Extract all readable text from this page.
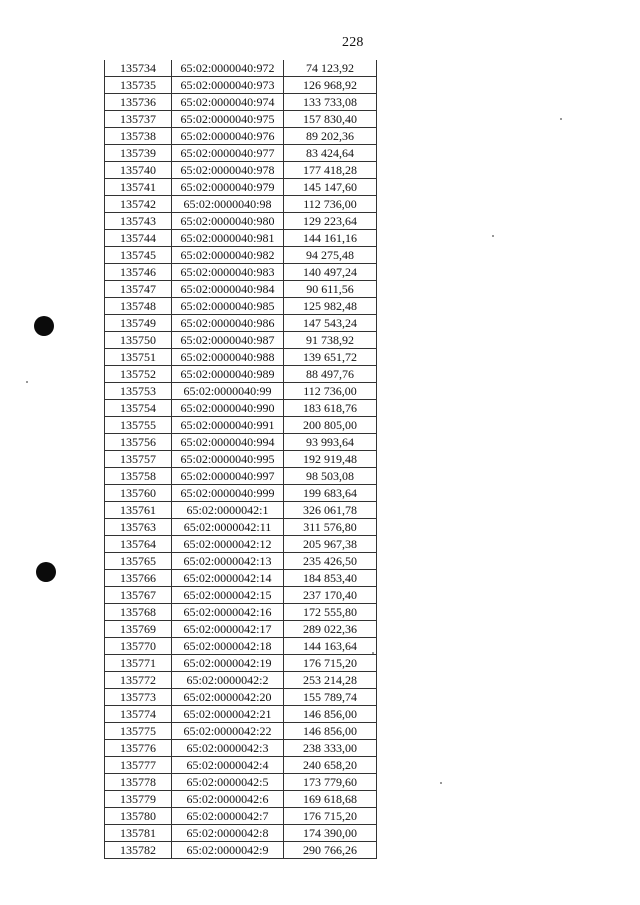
228
135734	65:02:0000040:972	74 123,92
135735	65:02:0000040:973	126 968,92
135736	65:02:0000040:974	133 733,08
135737	65:02:0000040:975	157 830,40
135738	65:02:0000040:976	89 202,36
135739	65:02:0000040:977	83 424,64
135740	65:02:0000040:978	177 418,28
135741	65:02:0000040:979	145 147,60
135742	65:02:0000040:98	112 736,00
135743	65:02:0000040:980	129 223,64
135744	65:02:0000040:981	144 161,16
135745	65:02:0000040:982	94 275,48
135746	65:02:0000040:983	140 497,24
135747	65:02:0000040:984	90 611,56
135748	65:02:0000040:985	125 982,48
135749	65:02:0000040:986	147 543,24
135750	65:02:0000040:987	91 738,92
135751	65:02:0000040:988	139 651,72
135752	65:02:0000040:989	88 497,76
135753	65:02:0000040:99	112 736,00
135754	65:02:0000040:990	183 618,76
135755	65:02:0000040:991	200 805,00
135756	65:02:0000040:994	93 993,64
135757	65:02:0000040:995	192 919,48
135758	65:02:0000040:997	98 503,08
135760	65:02:0000040:999	199 683,64
135761	65:02:0000042:1	326 061,78
135763	65:02:0000042:11	311 576,80
135764	65:02:0000042:12	205 967,38
135765	65:02:0000042:13	235 426,50
135766	65:02:0000042:14	184 853,40
135767	65:02:0000042:15	237 170,40
135768	65:02:0000042:16	172 555,80
135769	65:02:0000042:17	289 022,36
135770	65:02:0000042:18	144 163,64
135771	65:02:0000042:19	176 715,20
135772	65:02:0000042:2	253 214,28
135773	65:02:0000042:20	155 789,74
135774	65:02:0000042:21	146 856,00
135775	65:02:0000042:22	146 856,00
135776	65:02:0000042:3	238 333,00
135777	65:02:0000042:4	240 658,20
135778	65:02:0000042:5	173 779,60
135779	65:02:0000042:6	169 618,68
135780	65:02:0000042:7	176 715,20
135781	65:02:0000042:8	174 390,00
135782	65:02:0000042:9	290 766,26
